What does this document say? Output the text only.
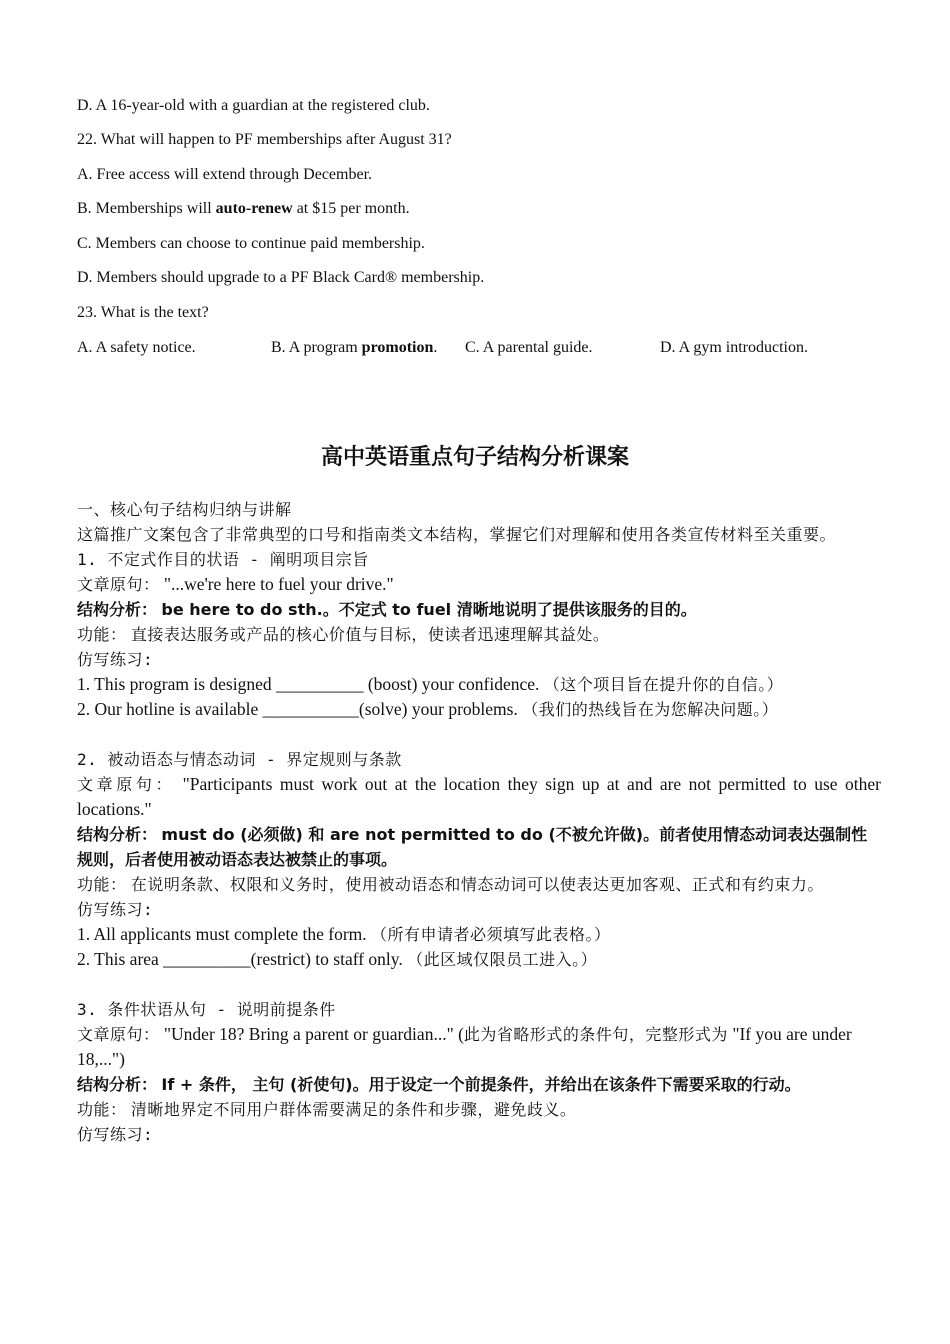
D. A 16-year-old with a guardian at the registered club.
22. What will happen to PF memberships after August 31?
A. Free access will extend through December.
B. Memberships will auto-renew at $15 per month.
C. Members can choose to continue paid membership.
D. Members should upgrade to a PF Black Card® membership.
23. What is the text?
A. A safety notice.	B. A program promotion. C. A parental guide.	D. A gym introduction.
高中英语重点句子结构分析课案
一、核心句子结构归纳与讲解
这篇推广文案包含了非常典型的口号和指南类文本结构，掌握它们对理解和使用各类宣传材料至关重要。
1. 不定式作目的状语 - 阐明项目宗旨
文章原句： "...we're here to fuel your drive."
结构分析： be here to do sth.。不定式 to fuel 清晰地说明了提供该服务的目的。
功能： 直接表达服务或产品的核心价值与目标，使读者迅速理解其益处。
仿写练习:
1. This program is designed __________ (boost) your confidence. （这个项目旨在提升你的自信。）
2. Our hotline is available ___________(solve) your problems. （我们的热线旨在为您解决问题。）
2. 被动语态与情态动词 - 界定规则与条款
文章原句： "Participants must work out at the location they sign up at and are not permitted to use other locations."
结构分析： must do (必须做) 和 are not permitted to do (不被允许做)。前者使用情态动词表达强制性规则，后者使用被动语态表达被禁止的事项。
功能： 在说明条款、权限和义务时，使用被动语态和情态动词可以使表达更加客观、正式和有约束力。
仿写练习:
1. All applicants must complete the form. （所有申请者必须填写此表格。）
2. This area __________(restrict) to staff only. （此区域仅限员工进入。）
3. 条件状语从句 - 说明前提条件
文章原句： "Under 18? Bring a parent or guardian..." (此为省略形式的条件句，完整形式为 "If you are under 18,...")
结构分析： If + 条件， 主句 (祈使句)。用于设定一个前提条件，并给出在该条件下需要采取的行动。
功能： 清晰地界定不同用户群体需要满足的条件和步骤，避免歧义。
仿写练习:
